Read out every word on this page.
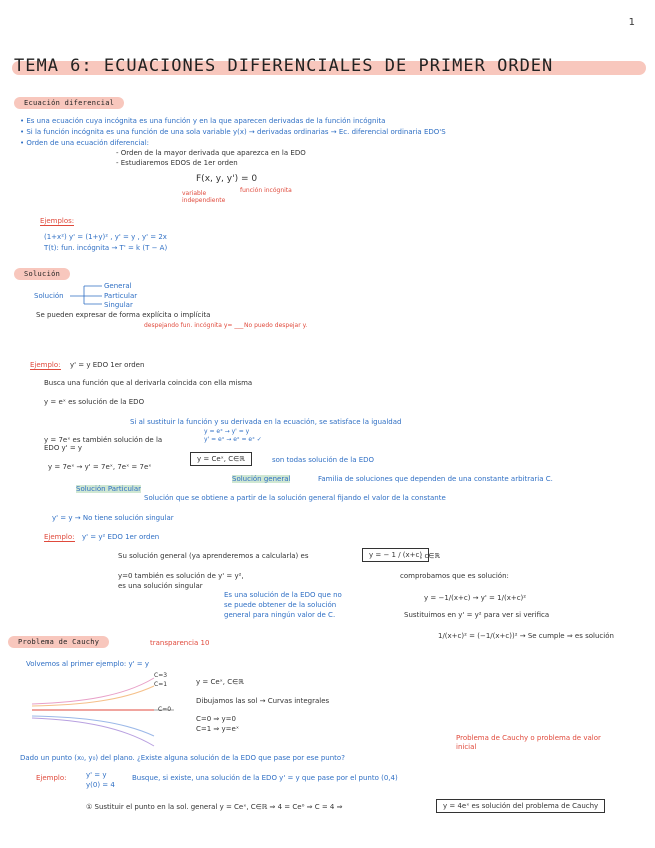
1
TEMA 6: ECUACIONES DIFERENCIALES DE PRIMER ORDEN
Ecuación diferencial
• Es una ecuación cuya incógnita es una función y en la que aparecen derivadas de la función incógnita
• Si la función incógnita es una función de una sola variable y(x) → derivadas ordinarias → Ec. diferencial ordinaria EDO'S
• Orden de una ecuación diferencial:
- Orden de la mayor derivada que aparezca en la EDO
- Estudiaremos EDOS de 1er orden
F(x, y, y') = 0
variable independiente
función incógnita
Ejemplos:
(1+x²) y' = (1+y)² , y' = y , y' = 2x
T(t): fun. incógnita → T' = k (T − A)
Solución
Solución
General
Particular
Singular
Se pueden expresar de forma explícita o implícita
despejando fun. incógnita y= ___ No puedo despejar y.
Ejemplo: y' = y EDO 1er orden
Busca una función que al derivarla coincida con ella misma
y = eˣ es solución de la EDO
Si al sustituir la función y su derivada en la ecuación, se satisface la igualdad
y = eˣ → y' = y
y' = eˣ → eˣ = eˣ ✓
y = 7eˣ es también solución de la EDO y' = y
y = 7eˣ → y' = 7eˣ, 7eˣ = 7eˣ
y = Ceˣ, C∈ℝ	son todas solución de la EDO
Solución general	Familia de soluciones que dependen de una constante arbitraria C.
Solución Particular
Solución que se obtiene a partir de la solución general fijando el valor de la constante
y' = y → No tiene solución singular
Ejemplo: y' = y² EDO 1er orden
Su solución general (ya aprenderemos a calcularla) es	y = − 1 / (x+c)
, c∈ℝ
comprobamos que es solución:
y=0 también es solución de y' = y²,
es una solución singular
Es una solución de la EDO que no
se puede obtener de la solución
general para ningún valor de C.
y = −1/(x+c) → y' = 1/(x+c)²
Sustituimos en y' = y² para ver si verifica
1/(x+c)² = (−1/(x+c))² → Se cumple ⇒ es solución
Problema de Cauchy	transparencia 10
Volvemos al primer ejemplo: y' = y
C=3
C=1
C=0
y = Ceˣ, C∈ℝ
Dibujamos las sol → Curvas integrales
C=0 ⇒ y=0
C=1 ⇒ y=eˣ
Problema de Cauchy o problema de valor
inicial
Dado un punto (x₀, y₀) del plano. ¿Existe alguna solución de la EDO que pase por ese punto?
Ejemplo:	y' = y
y(0) = 4
Busque, si existe, una solución de la EDO y' = y que pase por el punto (0,4)
① Sustituir el punto en la sol. general y = Ceˣ, C∈ℝ ⇒ 4 = Ce⁰ ⇒ C = 4 ⇒	y = 4eˣ es solución del problema de Cauchy
